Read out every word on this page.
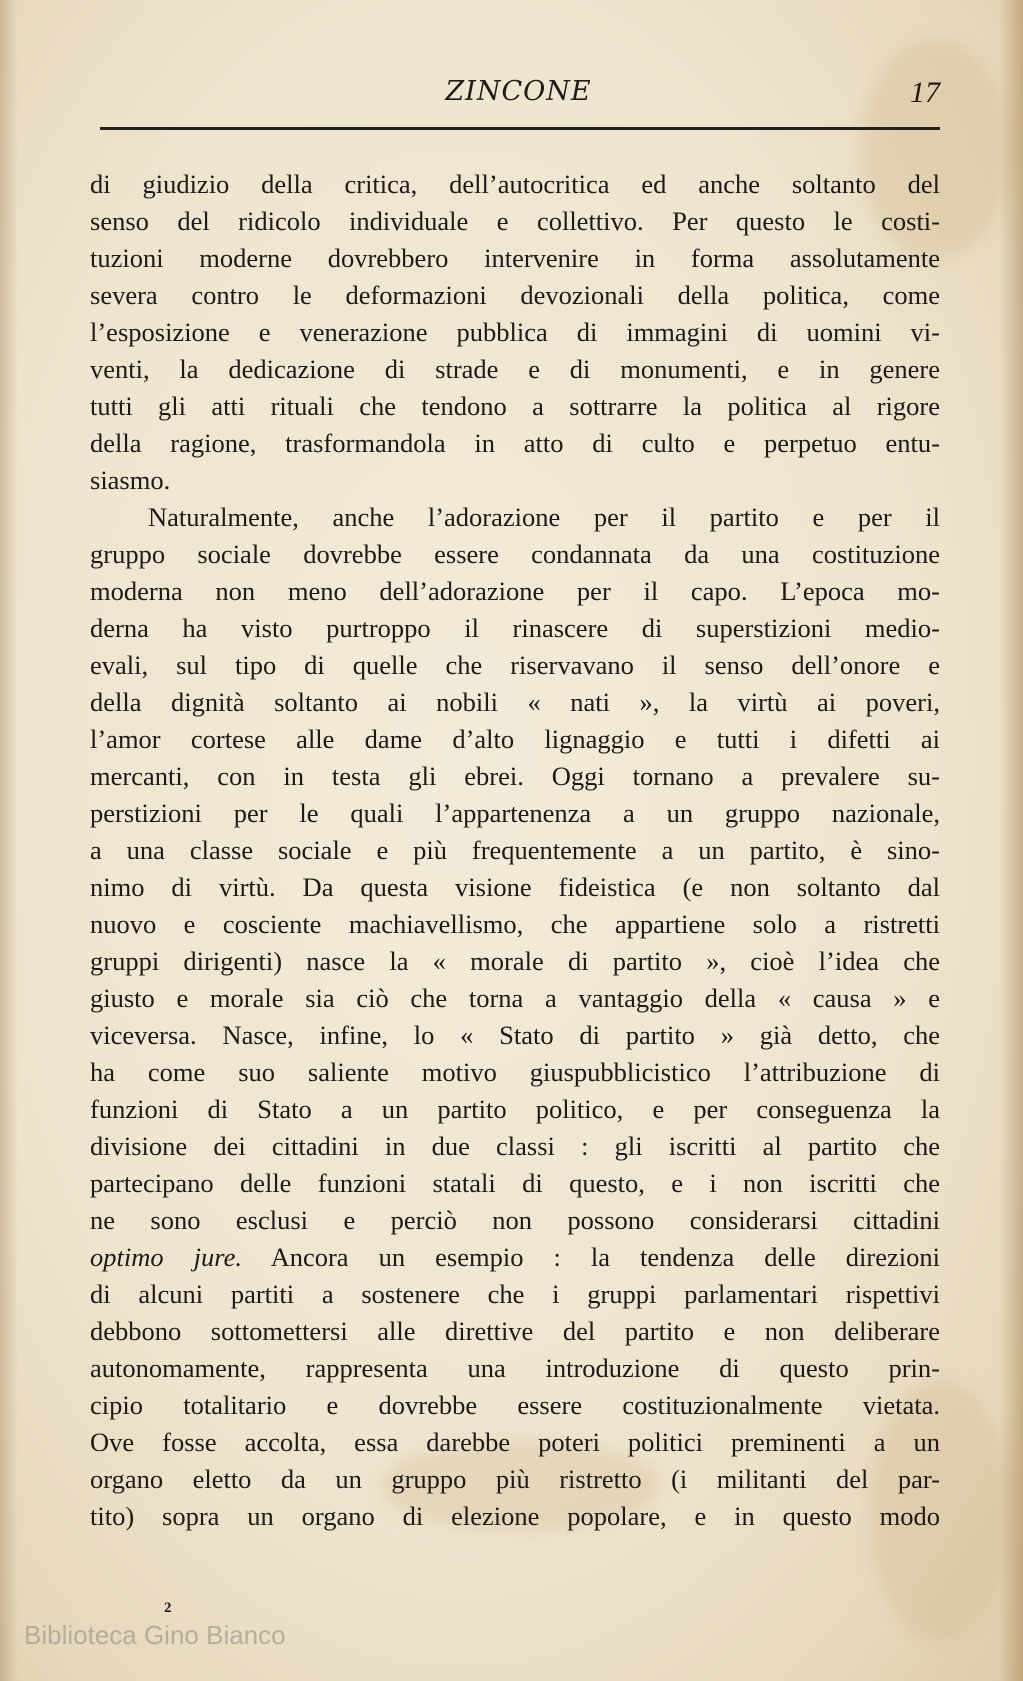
ZINCONE	17
di giudizio della critica, dell’autocritica ed anche soltanto del
senso del ridicolo individuale e collettivo. Per questo le costi-
tuzioni moderne dovrebbero intervenire in forma assolutamente
severa contro le deformazioni devozionali della politica, come
l’esposizione e venerazione pubblica di immagini di uomini vi-
venti, la dedicazione di strade e di monumenti, e in genere
tutti gli atti rituali che tendono a sottrarre la politica al rigore
della ragione, trasformandola in atto di culto e perpetuo entu-
siasmo.
Naturalmente, anche l’adorazione per il partito e per il
gruppo sociale dovrebbe essere condannata da una costituzione
moderna non meno dell’adorazione per il capo. L’epoca mo-
derna ha visto purtroppo il rinascere di superstizioni medio-
evali, sul tipo di quelle che riservavano il senso dell’onore e
della dignità soltanto ai nobili « nati », la virtù ai poveri,
l’amor cortese alle dame d’alto lignaggio e tutti i difetti ai
mercanti, con in testa gli ebrei. Oggi tornano a prevalere su-
perstizioni per le quali l’appartenenza a un gruppo nazionale,
a una classe sociale e più frequentemente a un partito, è sino-
nimo di virtù. Da questa visione fideistica (e non soltanto dal
nuovo e cosciente machiavellismo, che appartiene solo a ristretti
gruppi dirigenti) nasce la « morale di partito », cioè l’idea che
giusto e morale sia ciò che torna a vantaggio della « causa » e
viceversa. Nasce, infine, lo « Stato di partito » già detto, che
ha come suo saliente motivo giuspubblicistico l’attribuzione di
funzioni di Stato a un partito politico, e per conseguenza la
divisione dei cittadini in due classi : gli iscritti al partito che
partecipano delle funzioni statali di questo, e i non iscritti che
ne sono esclusi e perciò non possono considerarsi cittadini
optimo jure. Ancora un esempio : la tendenza delle direzioni
di alcuni partiti a sostenere che i gruppi parlamentari rispettivi
debbono sottomettersi alle direttive del partito e non deliberare
autonomamente, rappresenta una introduzione di questo prin-
cipio totalitario e dovrebbe essere costituzionalmente vietata.
Ove fosse accolta, essa darebbe poteri politici preminenti a un
organo eletto da un gruppo più ristretto (i militanti del par-
tito) sopra un organo di elezione popolare, e in questo modo
2
Biblioteca Gino Bianco
